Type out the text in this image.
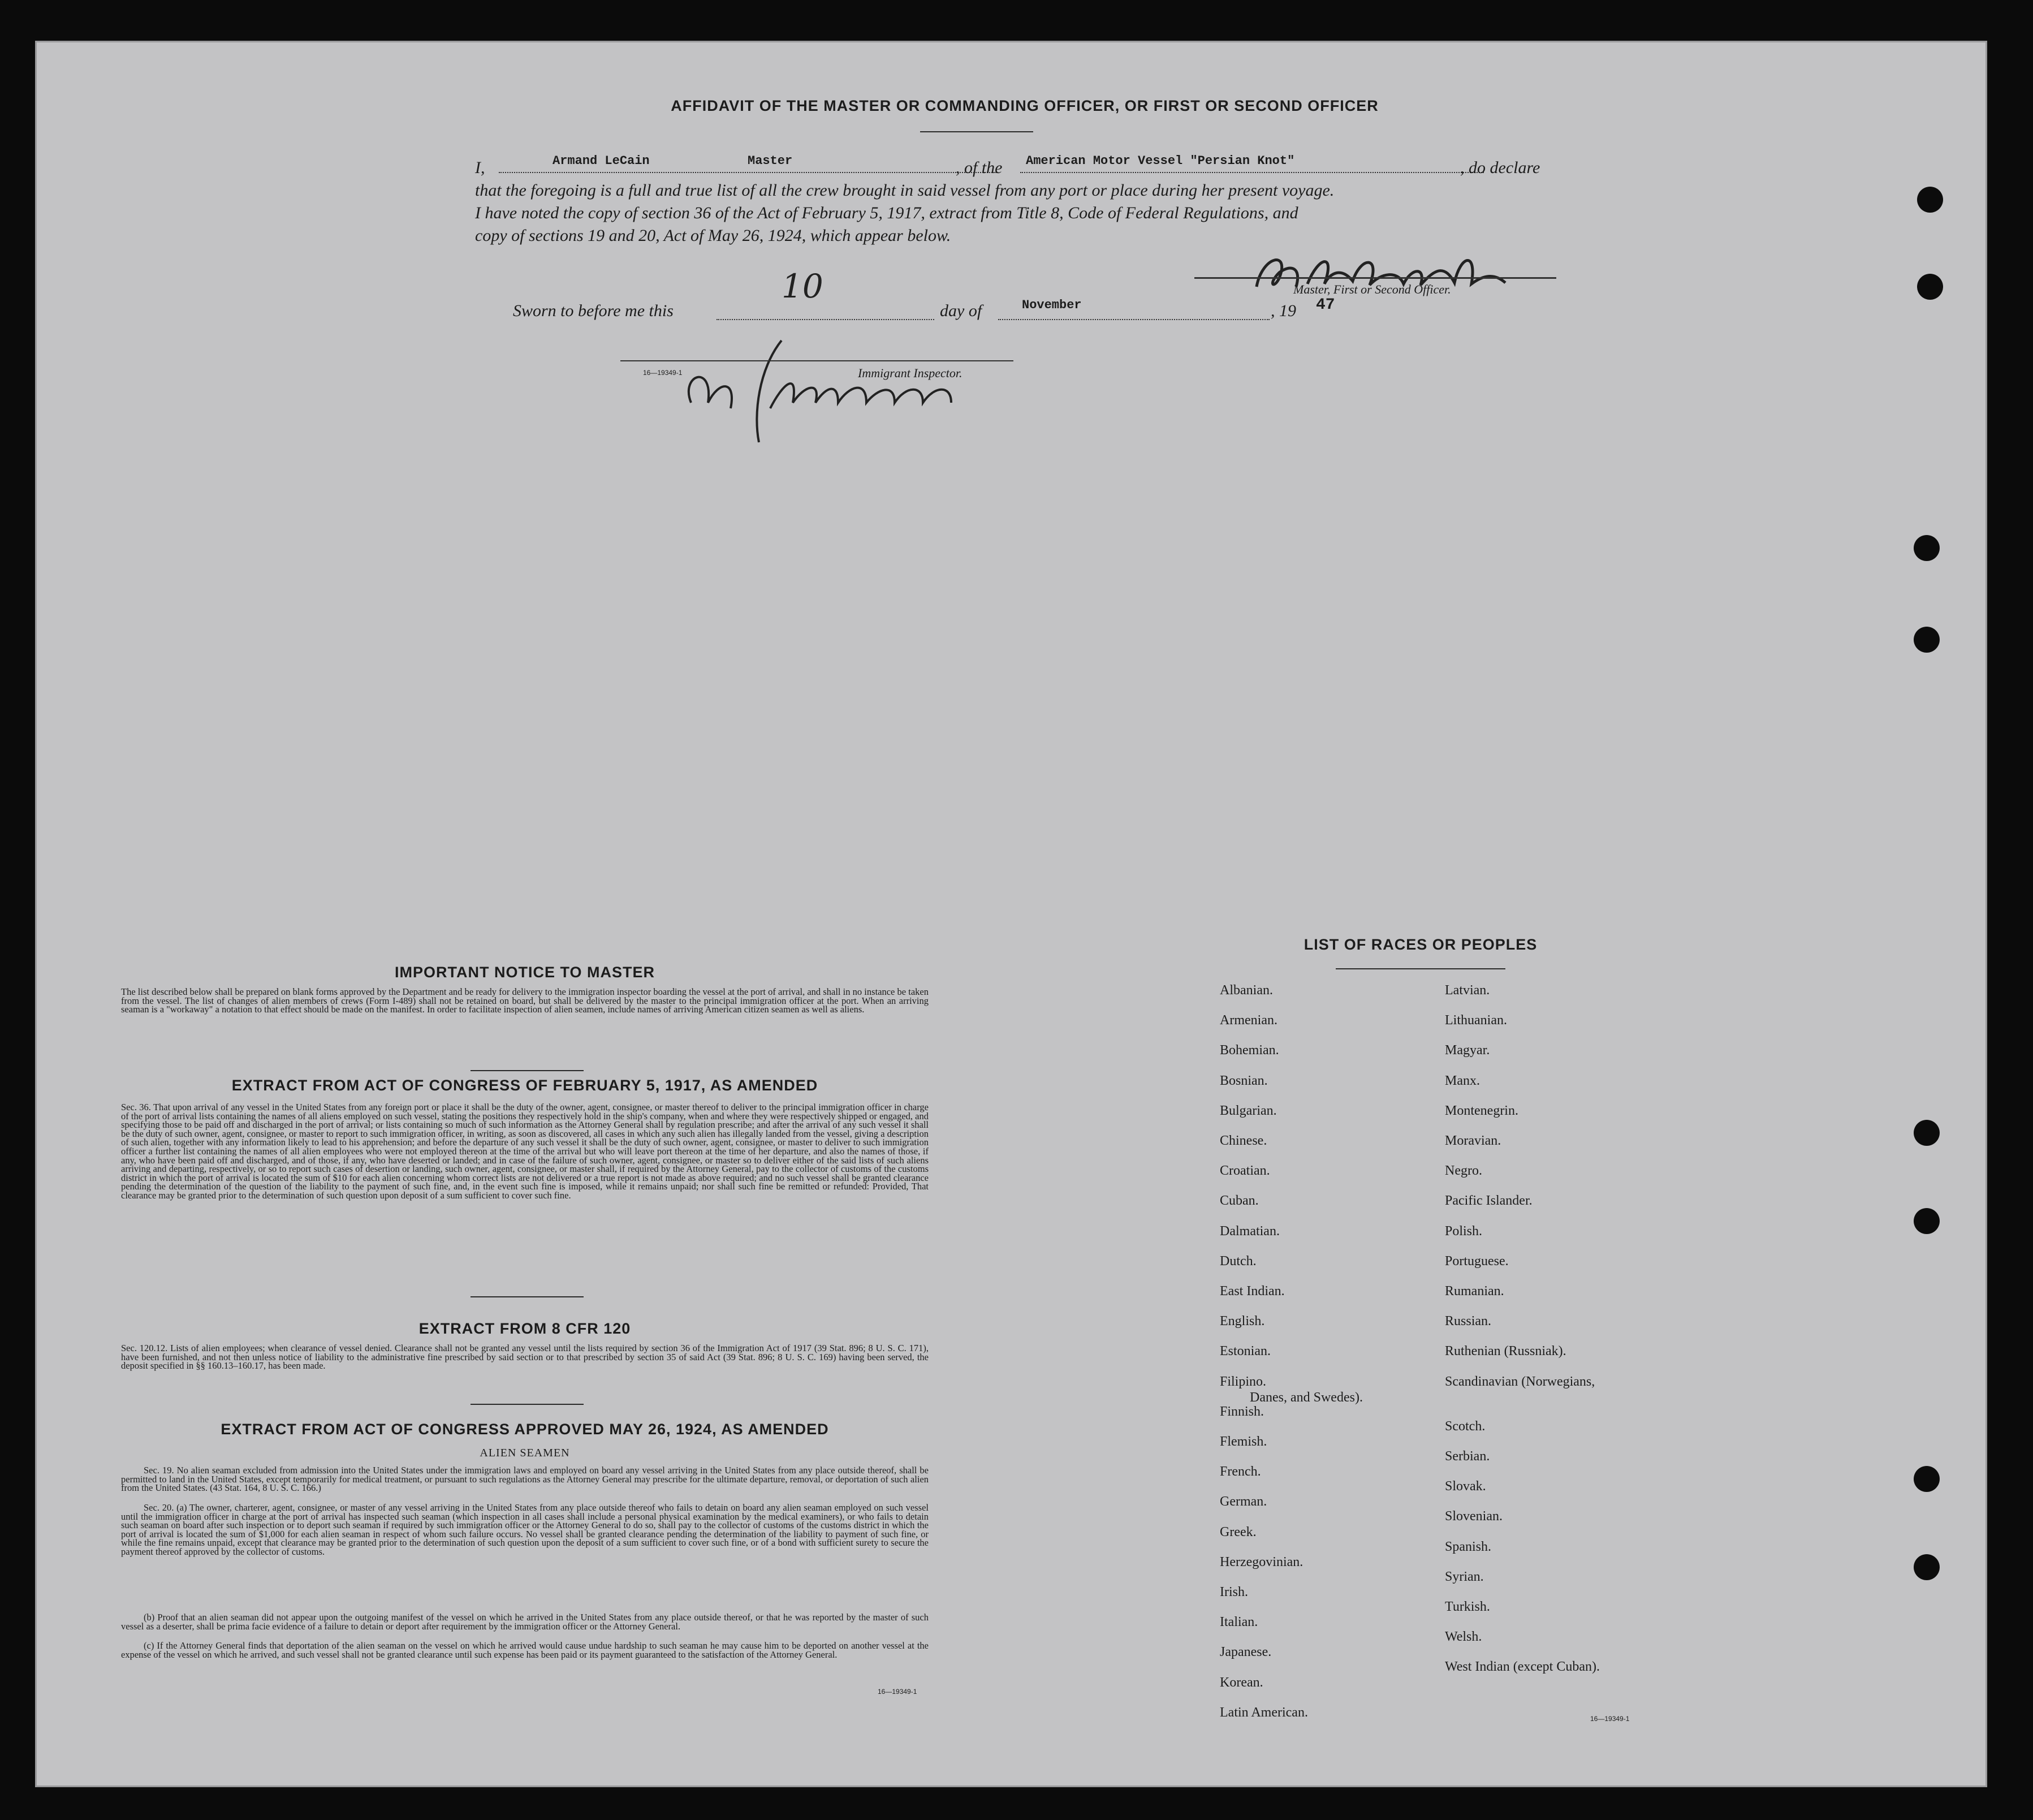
AFFIDAVIT OF THE MASTER OR COMMANDING OFFICER, OR FIRST OR SECOND OFFICER
I,	Armand LeCain	Master	, of the American Motor Vessel "Persian Knot"	, do declare
that the foregoing is a full and true list of all the crew brought in said vessel from any port or place during her present voyage.
I have noted the copy of section 36 of the Act of February 5, 1917, extract from Title 8, Code of Federal Regulations, and
copy of sections 19 and 20, Act of May 26, 1924, which appear below.
Master, First or Second Officer.
Sworn to before me this
10
day of	November	, 19 47
16—19349-1	Immigrant Inspector.
IMPORTANT NOTICE TO MASTER
The list described below shall be prepared on blank forms approved by the Department and be ready for delivery to the immigration inspector boarding the vessel at the port of arrival, and shall in no instance be taken from the vessel. The list of changes of alien members of crews (Form I-489) shall not be retained on board, but shall be delivered by the master to the principal immigration officer at the port. When an arriving seaman is a "workaway" a notation to that effect should be made on the manifest. In order to facilitate inspection of alien seamen, include names of arriving American citizen seamen as well as aliens.
EXTRACT FROM ACT OF CONGRESS OF FEBRUARY 5, 1917, AS AMENDED
Sec. 36. That upon arrival of any vessel in the United States from any foreign port or place it shall be the duty of the owner, agent, consignee, or master thereof to deliver to the principal immigration officer in charge of the port of arrival lists containing the names of all aliens employed on such vessel, stating the positions they respectively hold in the ship's company, when and where they were respectively shipped or engaged, and specifying those to be paid off and discharged in the port of arrival; or lists containing so much of such information as the Attorney General shall by regulation prescribe; and after the arrival of any such vessel it shall be the duty of such owner, agent, consignee, or master to report to such immigration officer, in writing, as soon as discovered, all cases in which any such alien has illegally landed from the vessel, giving a description of such alien, together with any information likely to lead to his apprehension; and before the departure of any such vessel it shall be the duty of such owner, agent, consignee, or master to deliver to such immigration officer a further list containing the names of all alien employees who were not employed thereon at the time of the arrival but who will leave port thereon at the time of her departure, and also the names of those, if any, who have been paid off and discharged, and of those, if any, who have deserted or landed; and in case of the failure of such owner, agent, consignee, or master so to deliver either of the said lists of such aliens arriving and departing, respectively, or so to report such cases of desertion or landing, such owner, agent, consignee, or master shall, if required by the Attorney General, pay to the collector of customs of the customs district in which the port of arrival is located the sum of $10 for each alien concerning whom correct lists are not delivered or a true report is not made as above required; and no such vessel shall be granted clearance pending the determination of the question of the liability to the payment of such fine, and, in the event such fine is imposed, while it remains unpaid; nor shall such fine be remitted or refunded: Provided, That clearance may be granted prior to the determination of such question upon deposit of a sum sufficient to cover such fine.
EXTRACT FROM 8 CFR 120
Sec. 120.12. Lists of alien employees; when clearance of vessel denied. Clearance shall not be granted any vessel until the lists required by section 36 of the Immigration Act of 1917 (39 Stat. 896; 8 U. S. C. 171), have been furnished, and not then unless notice of liability to the administrative fine prescribed by said section or to that prescribed by section 35 of said Act (39 Stat. 896; 8 U. S. C. 169) having been served, the deposit specified in §§ 160.13–160.17, has been made.
EXTRACT FROM ACT OF CONGRESS APPROVED MAY 26, 1924, AS AMENDED
ALIEN SEAMEN
Sec. 19. No alien seaman excluded from admission into the United States under the immigration laws and employed on board any vessel arriving in the United States from any place outside thereof, shall be permitted to land in the United States, except temporarily for medical treatment, or pursuant to such regulations as the Attorney General may prescribe for the ultimate departure, removal, or deportation of such alien from the United States. (43 Stat. 164, 8 U. S. C. 166.)
Sec. 20. (a) The owner, charterer, agent, consignee, or master of any vessel arriving in the United States from any place outside thereof who fails to detain on board any alien seaman employed on such vessel until the immigration officer in charge at the port of arrival has inspected such seaman (which inspection in all cases shall include a personal physical examination by the medical examiners), or who fails to detain such seaman on board after such inspection or to deport such seaman if required by such immigration officer or the Attorney General to do so, shall pay to the collector of customs of the customs district in which the port of arrival is located the sum of $1,000 for each alien seaman in respect of whom such failure occurs. No vessel shall be granted clearance pending the determination of the liability to payment of such fine, or while the fine remains unpaid, except that clearance may be granted prior to the determination of such question upon the deposit of a sum sufficient to cover such fine, or of a bond with sufficient surety to secure the payment thereof approved by the collector of customs.
(b) Proof that an alien seaman did not appear upon the outgoing manifest of the vessel on which he arrived in the United States from any place outside thereof, or that he was reported by the master of such vessel as a deserter, shall be prima facie evidence of a failure to detain or deport after requirement by the immigration officer or the Attorney General.
(c) If the Attorney General finds that deportation of the alien seaman on the vessel on which he arrived would cause undue hardship to such seaman he may cause him to be deported on another vessel at the expense of the vessel on which he arrived, and such vessel shall not be granted clearance until such expense has been paid or its payment guaranteed to the satisfaction of the Attorney General.
16—19349-1
LIST OF RACES OR PEOPLES
16—19349-1
Albanian.
Armenian.
Bohemian.
Bosnian.
Bulgarian.
Chinese.
Croatian.
Cuban.
Dalmatian.
Dutch.
East Indian.
English.
Estonian.
Filipino.
Finnish.
Flemish.
French.
German.
Greek.
Herzegovinian.
Irish.
Italian.
Japanese.
Korean.
Latin American.
Latvian.
Lithuanian.
Magyar.
Manx.
Montenegrin.
Moravian.
Negro.
Pacific Islander.
Polish.
Portuguese.
Rumanian.
Russian.
Ruthenian (Russniak).
Scandinavian (Norwegians,
Danes, and Swedes).
Scotch.
Serbian.
Slovak.
Slovenian.
Spanish.
Syrian.
Turkish.
Welsh.
West Indian (except Cuban).
